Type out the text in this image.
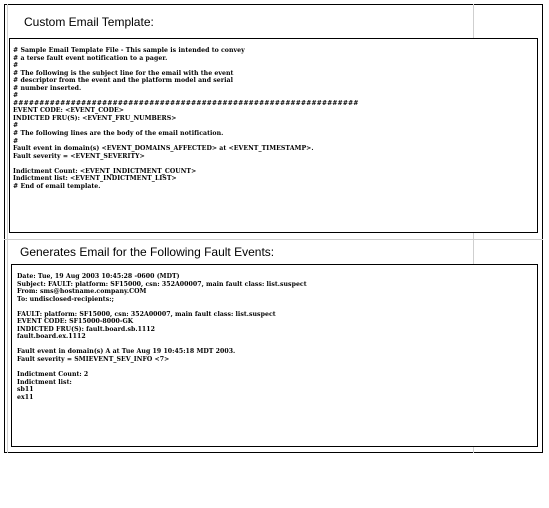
Custom Email Template:
# Sample Email Template File - This sample is intended to convey
# a terse fault event notification to a pager.
#
# The following is the subject line for the email with the event
# descriptor from the event and the platform model and serial
# number inserted.
#
##################################################################
EVENT CODE: <EVENT_CODE>
INDICTED FRU(S): <EVENT_FRU_NUMBERS>
#
# The following lines are the body of the email notification.
#
Fault event in domain(s) <EVENT_DOMAINS_AFFECTED> at <EVENT_TIMESTAMP>.
Fault severity = <EVENT_SEVERITY>

Indictment Count: <EVENT_INDICTMENT_COUNT>
Indictment list: <EVENT_INDICTMENT_LIST>
# End of email template.
Generates Email for the Following Fault Events:
Date: Tue, 19 Aug 2003 10:45:28 -0600 (MDT)
Subject: FAULT: platform: SF15000, csn: 352A00007, main fault class: list.suspect
From: sms@hostname.company.COM
To: undisclosed-recipients:;

FAULT: platform: SF15000, csn: 352A00007, main fault class: list.suspect
EVENT CODE: SF15000-8000-GK
INDICTED FRU(S): fault.board.sb.1112
fault.board.ex.1112

Fault event in domain(s) A at Tue Aug 19 10:45:18 MDT 2003.
Fault severity = SMIEVENT_SEV_INFO <7>

Indictment Count: 2
Indictment list:
sb11
ex11
